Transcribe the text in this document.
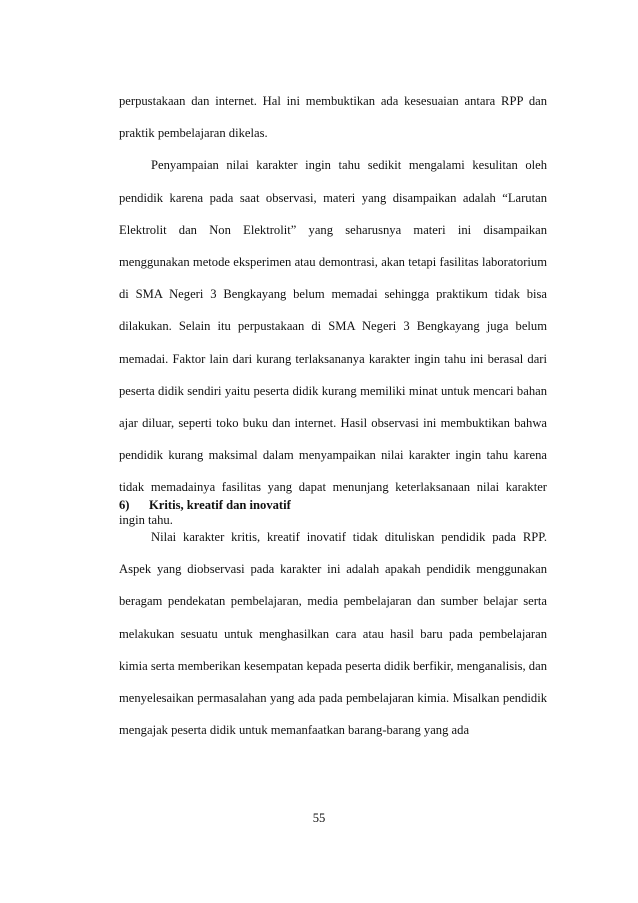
perpustakaan dan internet. Hal ini membuktikan ada kesesuaian antara RPP dan praktik pembelajaran dikelas.

Penyampaian nilai karakter ingin tahu sedikit mengalami kesulitan oleh pendidik karena pada saat observasi, materi yang disampaikan adalah “Larutan Elektrolit dan Non Elektrolit” yang seharusnya materi ini disampaikan menggunakan metode eksperimen atau demontrasi, akan tetapi fasilitas laboratorium di SMA Negeri 3 Bengkayang belum memadai sehingga praktikum tidak bisa dilakukan. Selain itu perpustakaan di SMA Negeri 3 Bengkayang juga belum memadai. Faktor lain dari kurang terlaksananya karakter ingin tahu ini berasal dari peserta didik sendiri yaitu peserta didik kurang memiliki minat untuk mencari bahan ajar diluar, seperti toko buku dan internet. Hasil observasi ini membuktikan bahwa pendidik kurang maksimal dalam menyampaikan nilai karakter ingin tahu karena tidak memadainya fasilitas yang dapat menunjang keterlaksanaan nilai karakter ingin tahu.

6) Kritis, kreatif dan inovatif

Nilai karakter kritis, kreatif inovatif tidak dituliskan pendidik pada RPP. Aspek yang diobservasi pada karakter ini adalah apakah pendidik menggunakan beragam pendekatan pembelajaran, media pembelajaran dan sumber belajar serta melakukan sesuatu untuk menghasilkan cara atau hasil baru pada pembelajaran kimia serta memberikan kesempatan kepada peserta didik berfikir, menganalisis, dan menyelesaikan permasalahan yang ada pada pembelajaran kimia. Misalkan pendidik mengajak peserta didik untuk memanfaatkan barang-barang yang ada

55
